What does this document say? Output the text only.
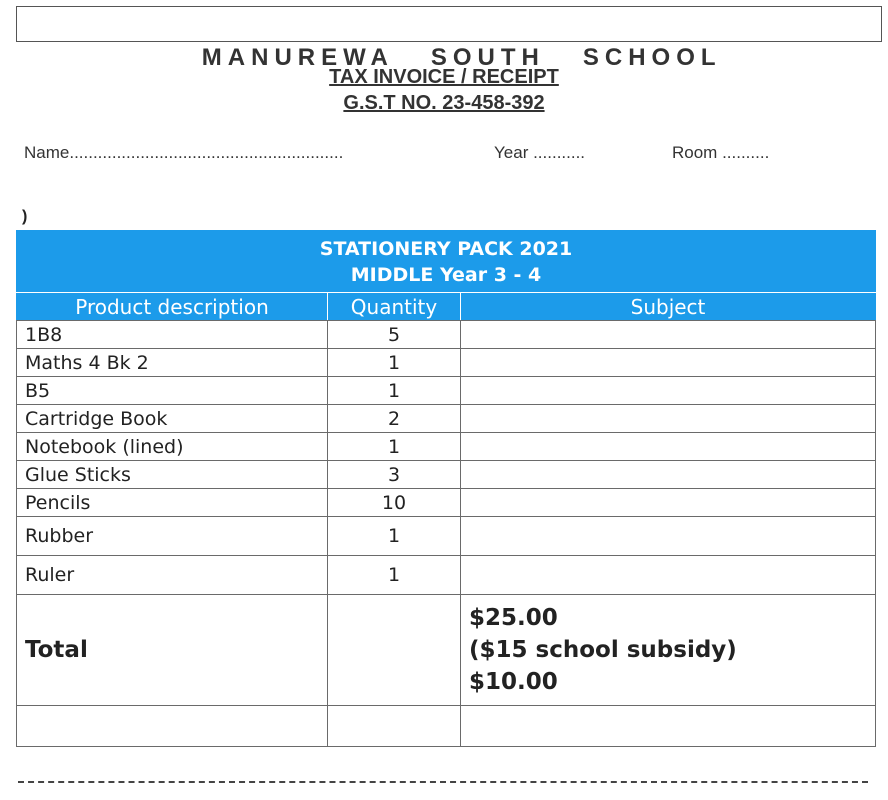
MANUREWA   SOUTH   SCHOOL

TAX INVOICE / RECEIPT
G.S.T NO. 23-458-392
Name..........................................................	Year ...........	Room ..........
)
STATIONERY PACK 2021
MIDDLE Year 3 - 4		

Product description	Quantity	Subject
1B8	5	
Maths 4 Bk 2	1	
B5	1	
Cartridge Book	2	
Notebook (lined)	1	
Glue Sticks	3	
Pencils	10	
Rubber	1	
Ruler	1	
Total		$25.00
($15 school subsidy)
$10.00
